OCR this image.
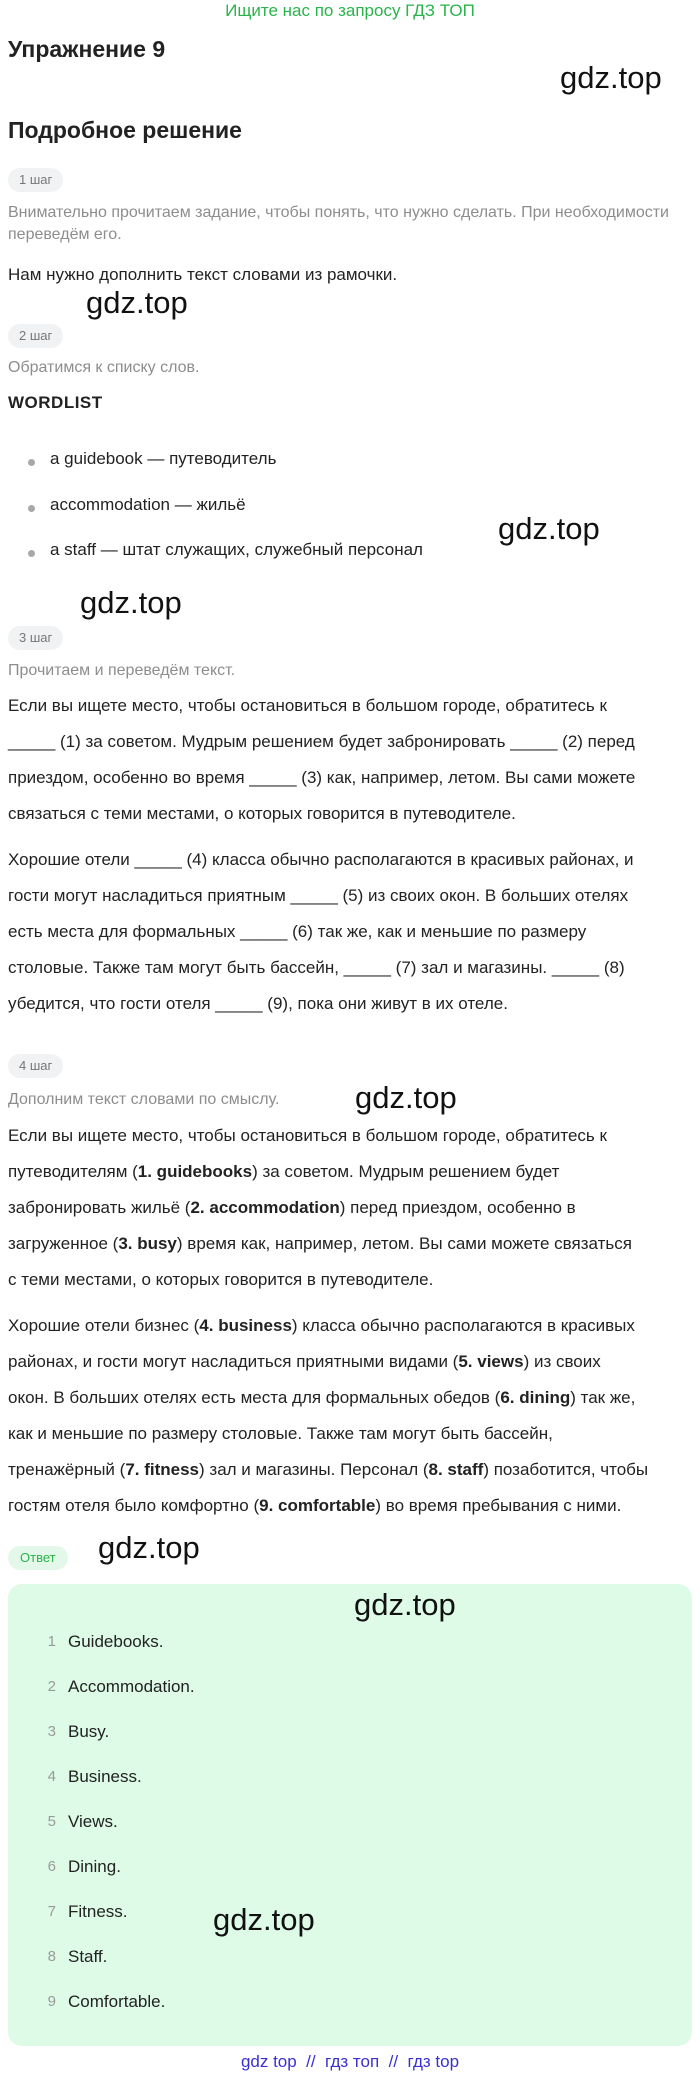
Ищите нас по запросу ГДЗ ТОП
Упражнение 9
gdz.top
Подробное решение
1 шаг
Внимательно прочитаем задание, чтобы понять, что нужно сделать. При необходимости
переведём его.
Нам нужно дополнить текст словами из рамочки.
gdz.top
2 шаг
Обратимся к списку слов.
WORDLIST
a guidebook — путеводитель
accommodation — жильё
a staff — штат служащих, служебный персонал
gdz.top
gdz.top
3 шаг
Прочитаем и переведём текст.
Если вы ищете место, чтобы остановиться в большом городе, обратитесь к
_____ (1) за советом. Мудрым решением будет забронировать _____ (2) перед
приездом, особенно во время _____ (3) как, например, летом. Вы сами можете
связаться с теми местами, о которых говорится в путеводителе.
Хорошие отели _____ (4) класса обычно располагаются в красивых районах, и
гости могут насладиться приятным _____ (5) из своих окон. В больших отелях
есть места для формальных _____ (6) так же, как и меньшие по размеру
столовые. Также там могут быть бассейн, _____ (7) зал и магазины. _____ (8)
убедится, что гости отеля _____ (9), пока они живут в их отеле.
4 шаг
Дополним текст словами по смыслу.	gdz.top
Если вы ищете место, чтобы остановиться в большом городе, обратитесь к
путеводителям (1. guidebooks) за советом. Мудрым решением будет
забронировать жильё (2. accommodation) перед приездом, особенно в
загруженное (3. busy) время как, например, летом. Вы сами можете связаться
с теми местами, о которых говорится в путеводителе.
Хорошие отели бизнес (4. business) класса обычно располагаются в красивых
районах, и гости могут насладиться приятными видами (5. views) из своих
окон. В больших отелях есть места для формальных обедов (6. dining) так же,
как и меньшие по размеру столовые. Также там могут быть бассейн,
тренажёрный (7. fitness) зал и магазины. Персонал (8. staff) позаботится, чтобы
гостям отеля было комфортно (9. comfortable) во время пребывания с ними.
Ответ	gdz.top
gdz.top
1 Guidebooks.
2 Accommodation.
3 Busy.
4 Business.
5 Views.
6 Dining.
7 Fitness.
8 Staff.
9 Comfortable.
gdz.top
gdz top  //  гдз топ  //  гдз top
